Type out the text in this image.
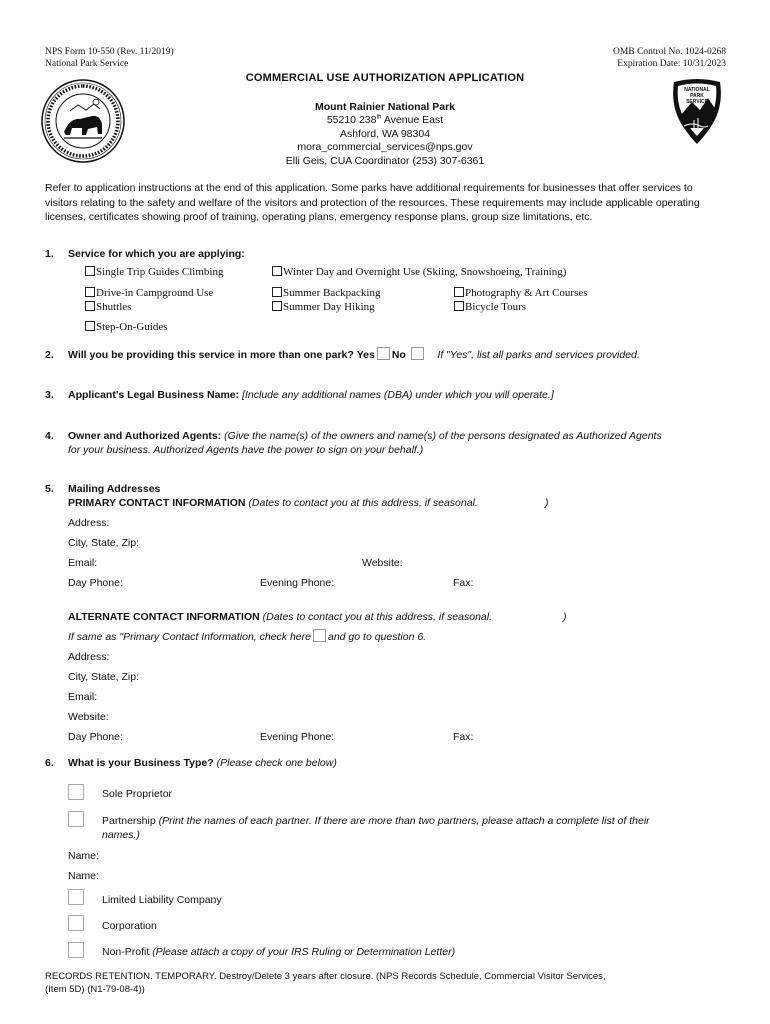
NPS Form 10-550 (Rev. 11/2019)
National Park Service
OMB Control No. 1024-0268
Expiration Date: 10/31/2023
NATIONAL
PARK
SERVICE
COMMERCIAL USE AUTHORIZATION APPLICATION
Mount Rainier National Park
55210 238th Avenue East
Ashford, WA 98304
mora_commercial_services@nps.gov
Elli Geis, CUA Coordinator (253) 307-6361
Refer to application instructions at the end of this application. Some parks have additional requirements for businesses that offer services to visitors relating to the safety and welfare of the visitors and protection of the resources. These requirements may include applicable operating licenses, certificates showing proof of training, operating plans, emergency response plans, group size limitations, etc.
1. Service for which you are applying:
Single Trip Guides Climbing	Winter Day and Overnight Use (Skiing, Snowshoeing, Training)
Drive-in Campground Use	Summer Backpacking	Photography & Art Courses
Shuttles	Summer Day Hiking	Bicycle Tours
Step-On-Guides
2. Will you be providing this service in more than one park? Yes No	If "Yes", list all parks and services provided.
3. Applicant's Legal Business Name: [Include any additional names (DBA) under which you will operate.]
4. Owner and Authorized Agents: (Give the name(s) of the owners and name(s) of the persons designated as Authorized Agents
for your business. Authorized Agents have the power to sign on your behalf.)
5. Mailing Addresses
PRIMARY CONTACT INFORMATION (Dates to contact you at this address, if seasonal.	)
Address:
City, State, Zip:
Email:	Website:
Day Phone:	Evening Phone:	Fax:
ALTERNATE CONTACT INFORMATION (Dates to contact you at this address, if seasonal.	)
If same as "Primary Contact Information, check here and go to question 6.
Address:
City, State, Zip:
Email:
Website:
Day Phone:	Evening Phone:	Fax:
6. What is your Business Type? (Please check one below)
Sole Proprietor
Partnership (Print the names of each partner. If there are more than two partners, please attach a complete list of their
names.)
Name:
Name:
Limited Liability Company
Corporation
Non-Profit (Please attach a copy of your IRS Ruling or Determination Letter)
RECORDS RETENTION. TEMPORARY. Destroy/Delete 3 years after closure. (NPS Records Schedule, Commercial Visitor Services,
(Item 5D) (N1-79-08-4))
